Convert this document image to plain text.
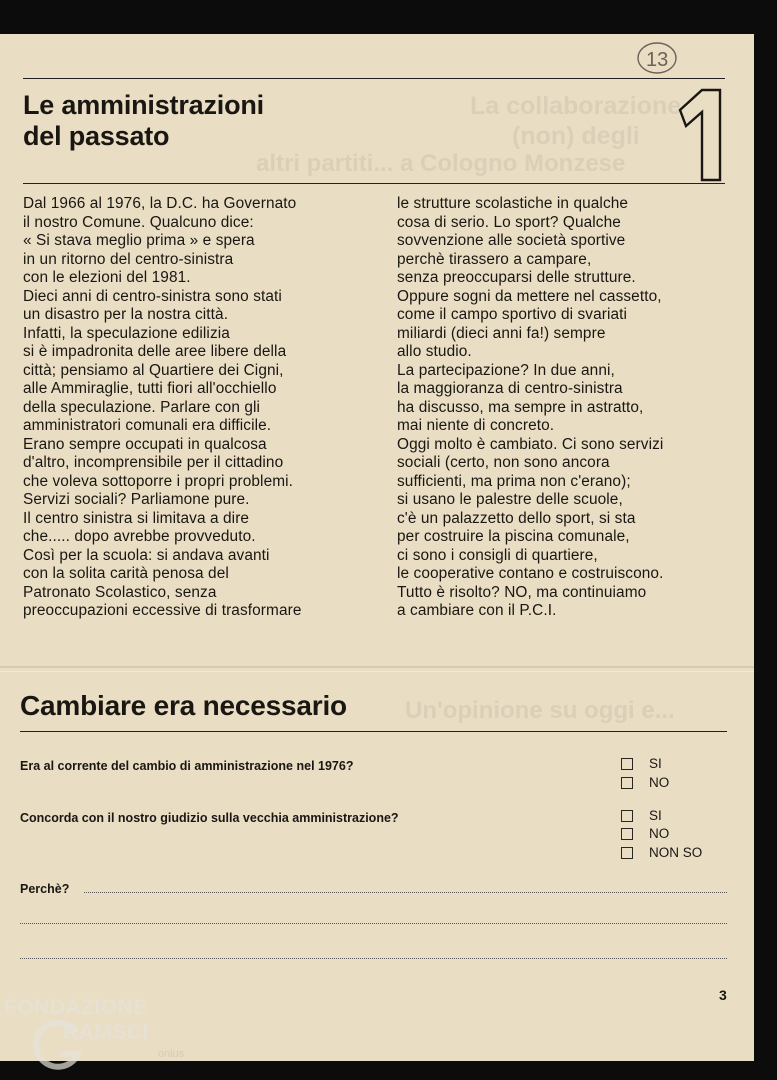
La collaborazione
(non) degli
altri partiti... a Cologno Monzese
Un'opinione su oggi e...
13
Le amministrazioni
del passato
1

Dal 1966 al 1976, la D.C. ha Governato

il nostro Comune. Qualcuno dice:

« Si stava meglio prima » e spera

in un ritorno del centro-sinistra

con le elezioni del 1981.

Dieci anni di centro-sinistra sono stati

un disastro per la nostra città.

Infatti, la speculazione edilizia

si è impadronita delle aree libere della

città; pensiamo al Quartiere dei Cigni,

alle Ammiraglie, tutti fiori all'occhiello

della speculazione. Parlare con gli

amministratori comunali era difficile.

Erano sempre occupati in qualcosa

d'altro, incomprensibile per il cittadino

che voleva sottoporre i propri problemi.

Servizi sociali? Parliamone pure.

Il centro sinistra si limitava a dire

che..... dopo avrebbe provveduto.

Così per la scuola: si andava avanti

con la solita carità penosa del

Patronato Scolastico, senza

preoccupazioni eccessive di trasformare

le strutture scolastiche in qualche

cosa di serio. Lo sport? Qualche

sovvenzione alle società sportive

perchè tirassero a campare,

senza preoccuparsi delle strutture.

Oppure sogni da mettere nel cassetto,

come il campo sportivo di svariati

miliardi (dieci anni fa!) sempre

allo studio.

La partecipazione? In due anni,

la maggioranza di centro-sinistra

ha discusso, ma sempre in astratto,

mai niente di concreto.

Oggi molto è cambiato. Ci sono servizi

sociali (certo, non sono ancora

sufficienti, ma prima non c'erano);

si usano le palestre delle scuole,

c'è un palazzetto dello sport, si sta

per costruire la piscina comunale,

ci sono i consigli di quartiere,

le cooperative contano e costruiscono.

Tutto è risolto? NO, ma continuiamo

a cambiare con il P.C.I.

Cambiare era necessario

Era al corrente del cambio di amministrazione nel 1976?	SI
NO

Concorda con il nostro giudizio sulla vecchia amministrazione?	SI
NO
NON SO
Perchè?
3
FONDAZIONE
RAMSCI
onlus
